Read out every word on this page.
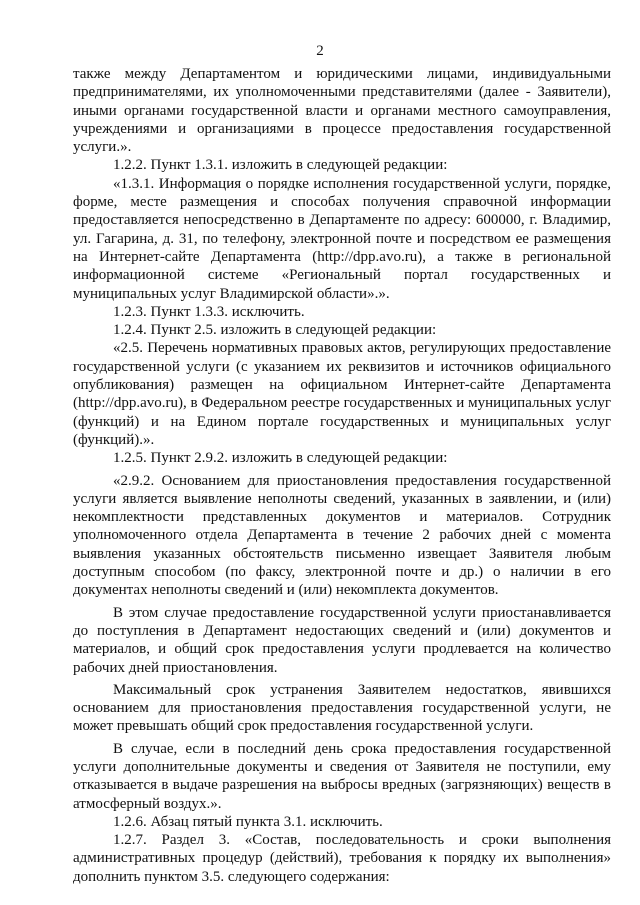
2

также между Департаментом и юридическими лицами, индивидуальными предпринимателями, их уполномоченными представителями (далее - Заявители), иными органами государственной власти и органами местного самоуправления, учреждениями и организациями в процессе предоставления государственной услуги.».

1.2.2. Пункт 1.3.1. изложить в следующей редакции:

«1.3.1. Информация о порядке исполнения государственной услуги, порядке, форме, месте размещения и способах получения справочной информации предоставляется непосредственно в Департаменте по адресу: 600000, г. Владимир, ул. Гагарина, д. 31, по телефону, электронной почте и посредством ее размещения на Интернет-сайте Департамента (http://dpp.avo.ru), а также в региональной информационной системе «Региональный портал государственных и муниципальных услуг Владимирской области».».

1.2.3. Пункт 1.3.3. исключить.

1.2.4. Пункт 2.5. изложить в следующей редакции:

«2.5. Перечень нормативных правовых актов, регулирующих предоставление государственной услуги (с указанием их реквизитов и источников официального опубликования) размещен на официальном Интернет-сайте Департамента (http://dpp.avo.ru), в Федеральном реестре государственных и муниципальных услуг (функций) и на Едином портале государственных и муниципальных услуг (функций).».

1.2.5. Пункт 2.9.2. изложить в следующей редакции:

«2.9.2. Основанием для приостановления предоставления государственной услуги является выявление неполноты сведений, указанных в заявлении, и (или) некомплектности представленных документов и материалов. Сотрудник уполномоченного отдела Департамента в течение 2 рабочих дней с момента выявления указанных обстоятельств письменно извещает Заявителя любым доступным способом (по факсу, электронной почте и др.) о наличии в его документах неполноты сведений и (или) некомплекта документов.

В этом случае предоставление государственной услуги приостанавливается до поступления в Департамент недостающих сведений и (или) документов и материалов, и общий срок предоставления услуги продлевается на количество рабочих дней приостановления.

Максимальный срок устранения Заявителем недостатков, явившихся основанием для приостановления предоставления государственной услуги, не может превышать общий срок предоставления государственной услуги.

В случае, если в последний день срока предоставления государственной услуги дополнительные документы и сведения от Заявителя не поступили, ему отказывается в выдаче разрешения на выбросы вредных (загрязняющих) веществ в атмосферный воздух.».

1.2.6. Абзац пятый пункта 3.1. исключить.

1.2.7. Раздел 3. «Состав, последовательность и сроки выполнения административных процедур (действий), требования к порядку их выполнения» дополнить пунктом 3.5. следующего содержания:
